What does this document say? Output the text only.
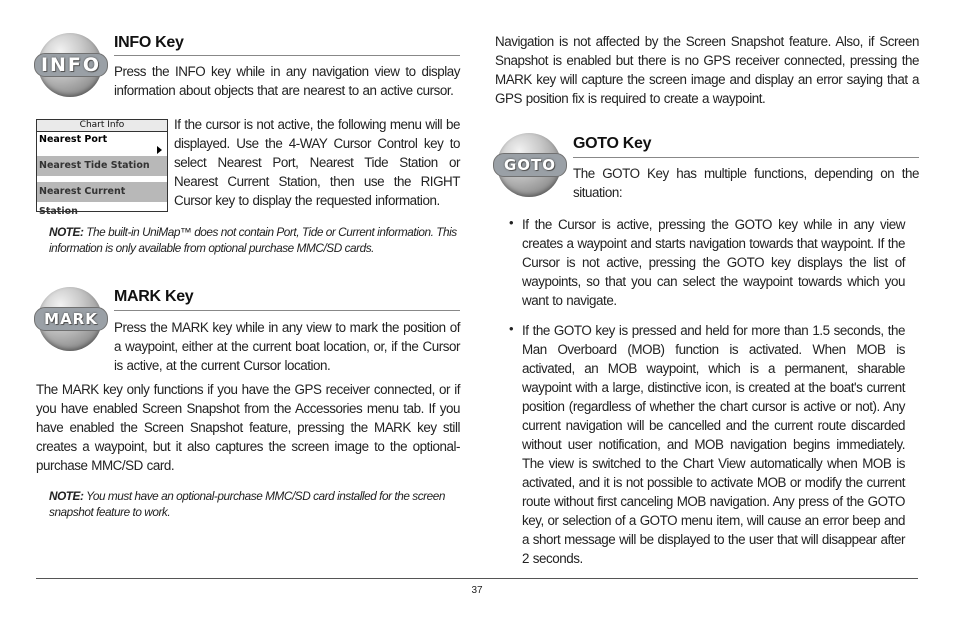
INFO
INFO Key
Press the INFO key while in any navigation view to display information about objects that are nearest to an active cursor.
Chart Info
Nearest Port
Nearest Tide Station
Nearest Current Station
If the cursor is not active, the following menu will be displayed. Use the 4-WAY Cursor Control key to select Nearest Port, Nearest Tide Station or Nearest Current Station, then use the RIGHT Cursor key to display the requested information.
NOTE: The built-in UniMap™ does not contain Port, Tide or Current information. This information is only available from optional purchase MMC/SD cards.
MARK
MARK Key
Press the MARK key while in any view to mark the position of a waypoint, either at the current boat location, or, if the Cursor is active, at the current Cursor location.
The MARK key only functions if you have the GPS receiver connected, or if you have enabled Screen Snapshot from the Accessories menu tab. If you have enabled the Screen Snapshot feature, pressing the MARK key still creates a waypoint, but it also captures the screen image to the optional-purchase MMC/SD card.
NOTE: You must have an optional-purchase MMC/SD card installed for the screen snapshot feature to work.
Navigation is not affected by the Screen Snapshot feature. Also, if Screen Snapshot is enabled but there is no GPS receiver connected, pressing the MARK key will capture the screen image and display an error saying that a GPS position fix is required to create a waypoint.
GOTO
GOTO Key
The GOTO Key has multiple functions, depending on the situation:
• If the Cursor is active, pressing the GOTO key while in any view creates a waypoint and starts navigation towards that waypoint. If the Cursor is not active, pressing the GOTO key displays the list of waypoints, so that you can select the waypoint towards which you want to navigate.
• If the GOTO key is pressed and held for more than 1.5 seconds, the Man Overboard (MOB) function is activated. When MOB is activated, an MOB waypoint, which is a permanent, sharable waypoint with a large, distinctive icon, is created at the boat's current position (regardless of whether the chart cursor is active or not). Any current navigation will be cancelled and the current route discarded without user notification, and MOB navigation begins immediately. The view is switched to the Chart View automatically when MOB is activated, and it is not possible to activate MOB or modify the current route without first canceling MOB navigation. Any press of the GOTO key, or selection of a GOTO menu item, will cause an error beep and a short message will be displayed to the user that will disappear after 2 seconds.
37
